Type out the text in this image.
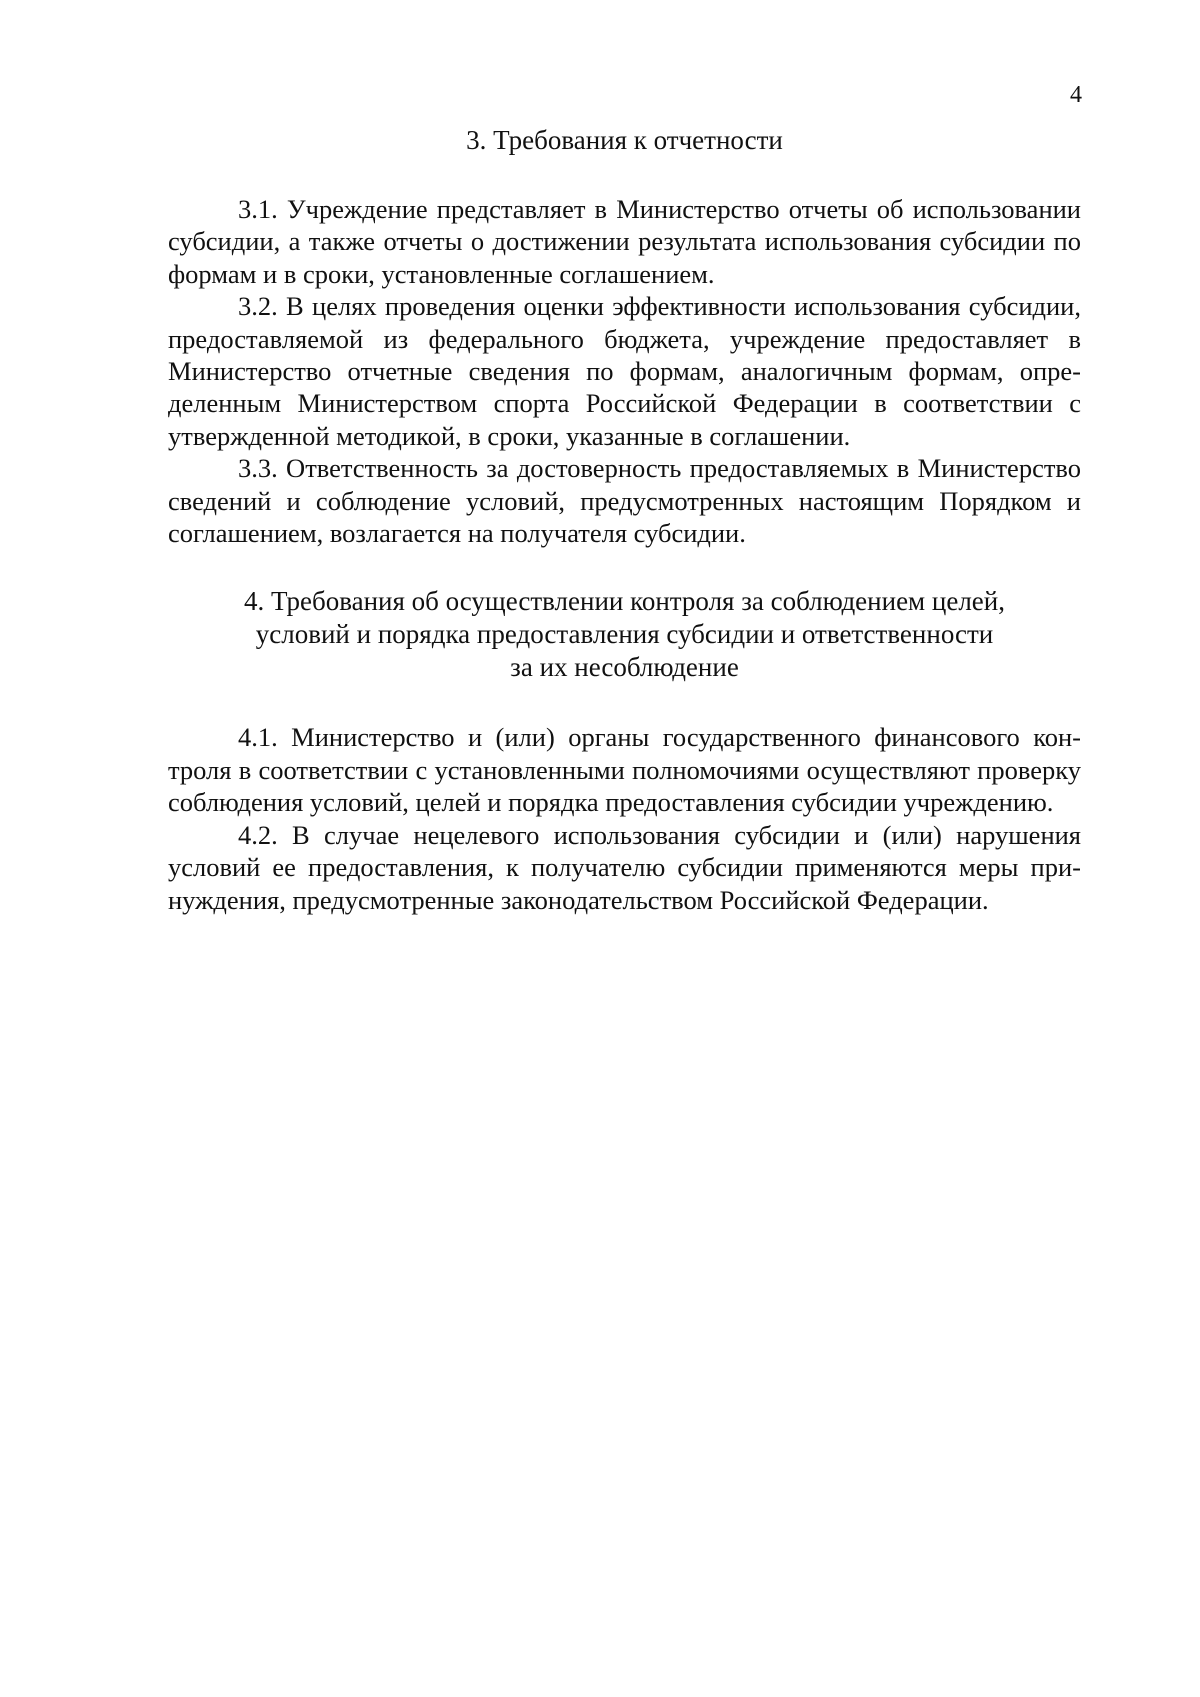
4
3. Требования к отчетности

3.1. Учреждение представляет в Министерство отчеты об использовании субсидии, а также отчеты о достижении результата использования субсидии по формам и в сроки, установленные соглашением.

3.2. В целях проведения оценки эффективности использования субсидии, предоставляемой из федерального бюджета, учреждение предоставляет в Министерство отчетные сведения по формам, аналогичным формам, определенным Министерством спорта Российской Федерации в соответствии с утвержденной методикой, в сроки, указанные в соглашении.

3.3. Ответственность за достоверность предоставляемых в Министерство сведений и соблюдение условий, предусмотренных настоящим Порядком и соглашением, возлагается на получателя субсидии.

4. Требования об осуществлении контроля за соблюдением целей,
условий и порядка предоставления субсидии и ответственности
за их несоблюдение

4.1. Министерство и (или) органы государственного финансового контроля в соответствии с установленными полномочиями осуществляют проверку соблюдения условий, целей и порядка предоставления субсидии учреждению.

4.2. В случае нецелевого использования субсидии и (или) нарушения условий ее предоставления, к получателю субсидии применяются меры принуждения, предусмотренные законодательством Российской Федерации.
